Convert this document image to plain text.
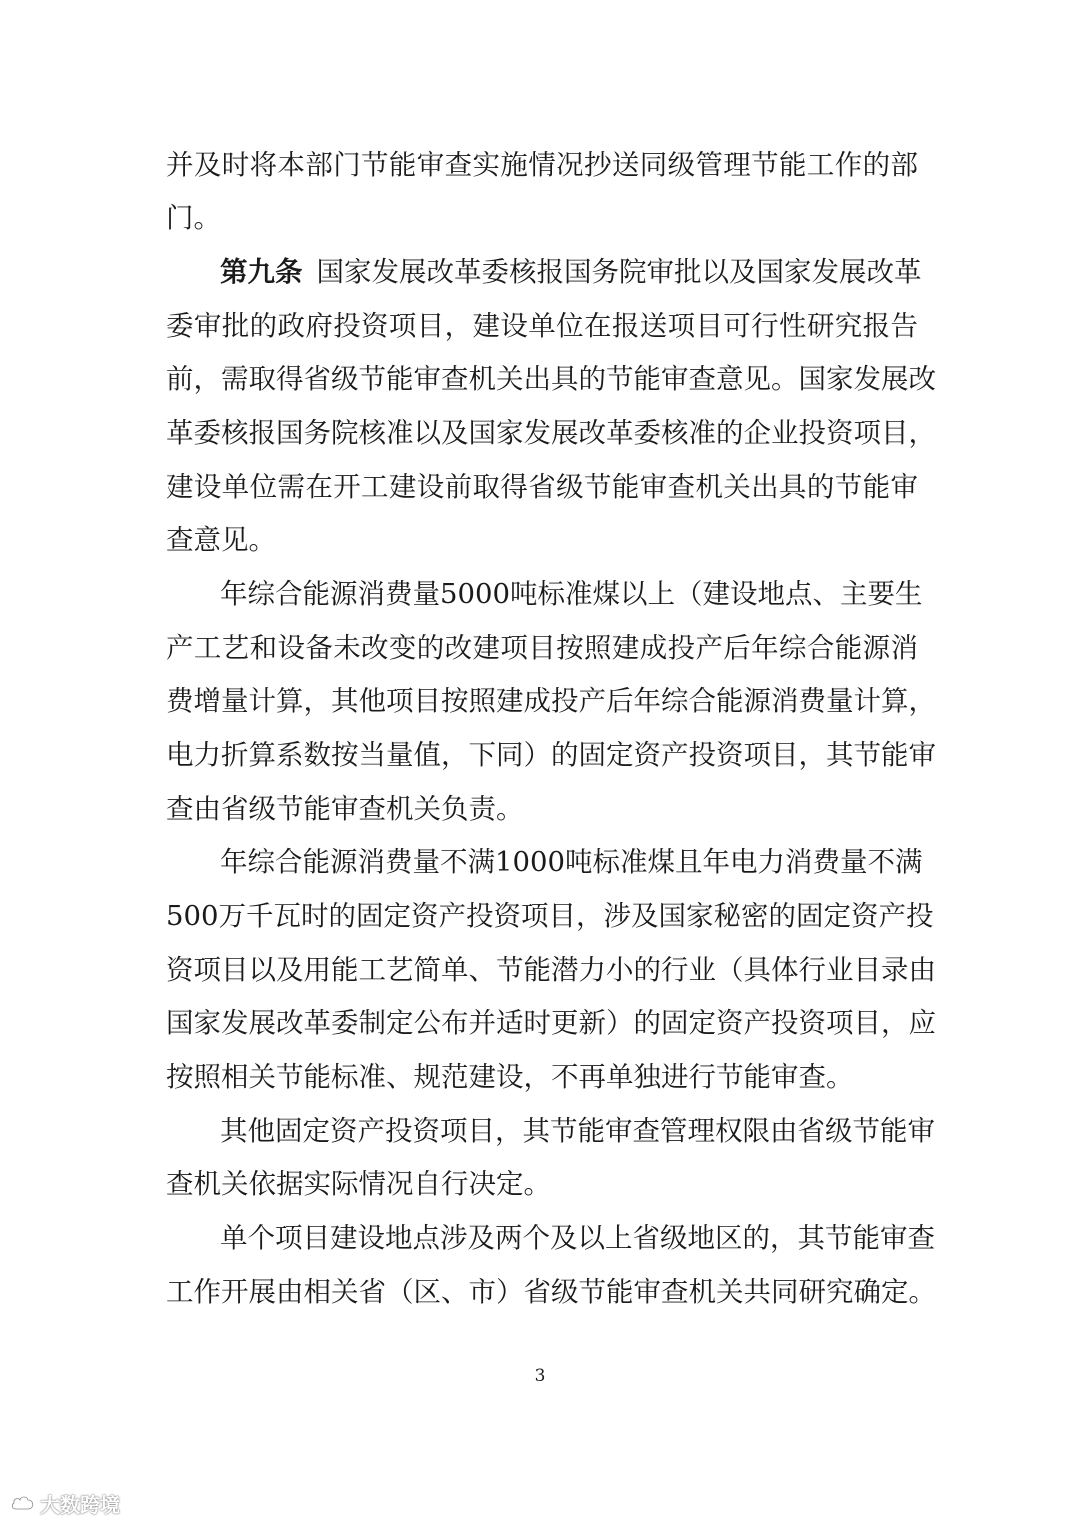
并及时将本部门节能审查实施情况抄送同级管理节能工作的部
门。
第九条 国家发展改革委核报国务院审批以及国家发展改革
委审批的政府投资项目，建设单位在报送项目可行性研究报告
前，需取得省级节能审查机关出具的节能审查意见。国家发展改
革委核报国务院核准以及国家发展改革委核准的企业投资项目，
建设单位需在开工建设前取得省级节能审查机关出具的节能审
查意见。
年综合能源消费量5000吨标准煤以上（建设地点、主要生
产工艺和设备未改变的改建项目按照建成投产后年综合能源消
费增量计算，其他项目按照建成投产后年综合能源消费量计算，
电力折算系数按当量值，下同）的固定资产投资项目，其节能审
查由省级节能审查机关负责。
年综合能源消费量不满1000吨标准煤且年电力消费量不满
500万千瓦时的固定资产投资项目，涉及国家秘密的固定资产投
资项目以及用能工艺简单、节能潜力小的行业（具体行业目录由
国家发展改革委制定公布并适时更新）的固定资产投资项目，应
按照相关节能标准、规范建设，不再单独进行节能审查。
其他固定资产投资项目，其节能审查管理权限由省级节能审
查机关依据实际情况自行决定。
单个项目建设地点涉及两个及以上省级地区的，其节能审查
工作开展由相关省（区、市）省级节能审查机关共同研究确定。
3
大数跨境
